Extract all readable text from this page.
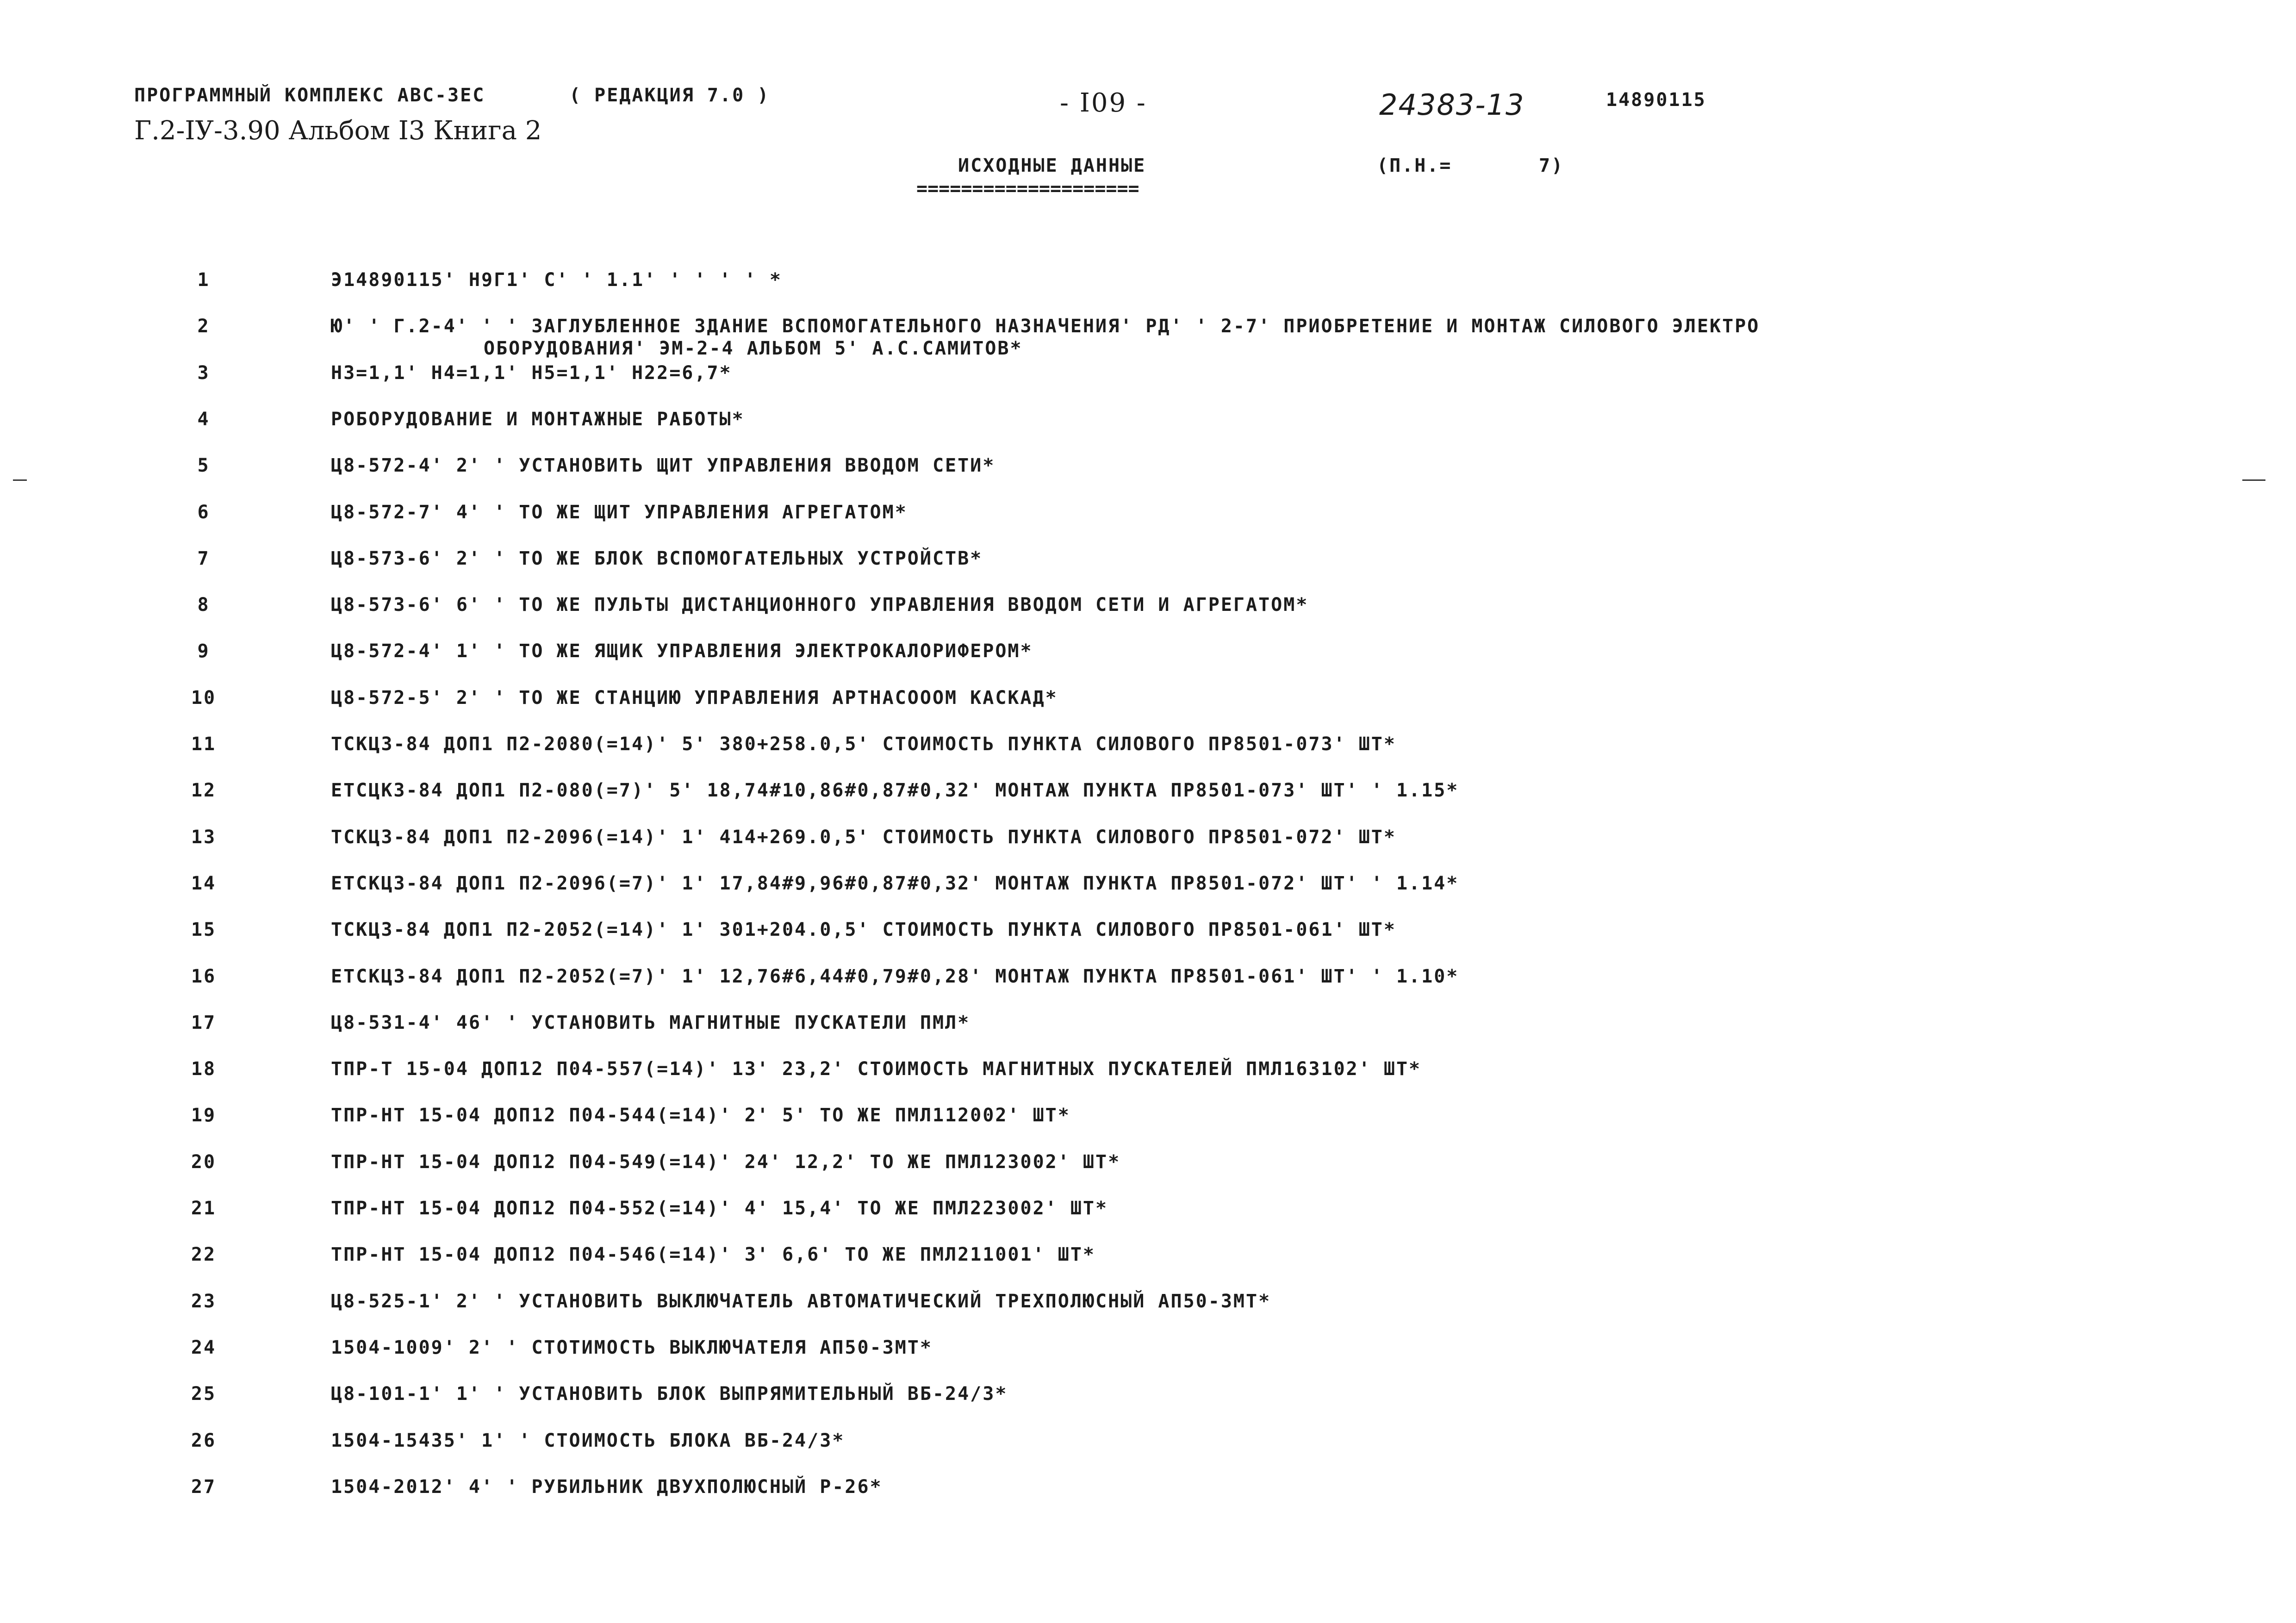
ПРОГРАММНЫЙ КОМПЛЕКС АВС-ЗЕС	( РЕДАКЦИЯ 7.0 )	- I09 -	24383-13	14890115
Г.2-IУ-3.90 Альбом I3 Книга 2
ИСХОДНЫЕ ДАННЫЕ
====================
(П.Н.=	7)
1	Э14890115' Н9Г1' С' ' 1.1' ' ' ' ' *
2	Ю' ' Г.2-4' ' ' ЗАГЛУБЛЕННОЕ ЗДАНИЕ ВСПОМОГАТЕЛЬНОГО НАЗНАЧЕНИЯ' РД' ' 2-7' ПРИОБРЕТЕНИЕ И МОНТАЖ СИЛОВОГО ЭЛЕКТРО
ОБОРУДОВАНИЯ' ЭМ-2-4 АЛЬБОМ 5' А.С.САМИТОВ*
3	Н3=1,1' Н4=1,1' Н5=1,1' Н22=6,7*
4	РОБОРУДОВАНИЕ И МОНТАЖНЫЕ РАБОТЫ*
5	Ц8-572-4' 2' ' УСТАНОВИТЬ ЩИТ УПРАВЛЕНИЯ ВВОДОМ СЕТИ*
6	Ц8-572-7' 4' ' ТО ЖЕ ЩИТ УПРАВЛЕНИЯ АГРЕГАТОМ*
7	Ц8-573-6' 2' ' ТО ЖЕ БЛОК ВСПОМОГАТЕЛЬНЫХ УСТРОЙСТВ*
8	Ц8-573-6' 6' ' ТО ЖЕ ПУЛЬТЫ ДИСТАНЦИОННОГО УПРАВЛЕНИЯ ВВОДОМ СЕТИ И АГРЕГАТОМ*
9	Ц8-572-4' 1' ' ТО ЖЕ ЯЩИК УПРАВЛЕНИЯ ЭЛЕКТРОКАЛОРИФЕРОМ*
10	Ц8-572-5' 2' ' ТО ЖЕ СТАНЦИЮ УПРАВЛЕНИЯ АРТНАСОООМ КАСКАД*
11	ТСКЦЗ-84 ДОП1 П2-2080(=14)' 5' 380+258.0,5' СТОИМОСТЬ ПУНКТА СИЛОВОГО ПР8501-073' ШТ*
12	ЕТСЦКЗ-84 ДОП1 П2-080(=7)' 5' 18,74#10,86#0,87#0,32' МОНТАЖ ПУНКТА ПР8501-073' ШТ' ' 1.15*
13	ТСКЦЗ-84 ДОП1 П2-2096(=14)' 1' 414+269.0,5' СТОИМОСТЬ ПУНКТА СИЛОВОГО ПР8501-072' ШТ*
14	ЕТСКЦЗ-84 ДОП1 П2-2096(=7)' 1' 17,84#9,96#0,87#0,32' МОНТАЖ ПУНКТА ПР8501-072' ШТ' ' 1.14*
15	ТСКЦЗ-84 ДОП1 П2-2052(=14)' 1' 301+204.0,5' СТОИМОСТЬ ПУНКТА СИЛОВОГО ПР8501-061' ШТ*
16	ЕТСКЦЗ-84 ДОП1 П2-2052(=7)' 1' 12,76#6,44#0,79#0,28' МОНТАЖ ПУНКТА ПР8501-061' ШТ' ' 1.10*
17	Ц8-531-4' 46' ' УСТАНОВИТЬ МАГНИТНЫЕ ПУСКАТЕЛИ ПМЛ*
18	ТПР-Т 15-04 ДОП12 П04-557(=14)' 13' 23,2' СТОИМОСТЬ МАГНИТНЫХ ПУСКАТЕЛЕЙ ПМЛ163102' ШТ*
19	ТПР-НТ 15-04 ДОП12 П04-544(=14)' 2' 5' ТО ЖЕ ПМЛ112002' ШТ*
20	ТПР-НТ 15-04 ДОП12 П04-549(=14)' 24' 12,2' ТО ЖЕ ПМЛ123002' ШТ*
21	ТПР-НТ 15-04 ДОП12 П04-552(=14)' 4' 15,4' ТО ЖЕ ПМЛ223002' ШТ*
22	ТПР-НТ 15-04 ДОП12 П04-546(=14)' 3' 6,6' ТО ЖЕ ПМЛ211001' ШТ*
23	Ц8-525-1' 2' ' УСТАНОВИТЬ ВЫКЛЮЧАТЕЛЬ АВТОМАТИЧЕСКИЙ ТРЕХПОЛЮСНЫЙ АП50-3МТ*
24	1504-1009' 2' ' СТОТИМОСТЬ ВЫКЛЮЧАТЕЛЯ АП50-3МТ*
25	Ц8-101-1' 1' ' УСТАНОВИТЬ БЛОК ВЫПРЯМИТЕЛЬНЫЙ ВБ-24/3*
26	1504-15435' 1' ' СТОИМОСТЬ БЛОКА ВБ-24/3*
27	1504-2012' 4' ' РУБИЛЬНИК ДВУХПОЛЮСНЫЙ Р-26*
